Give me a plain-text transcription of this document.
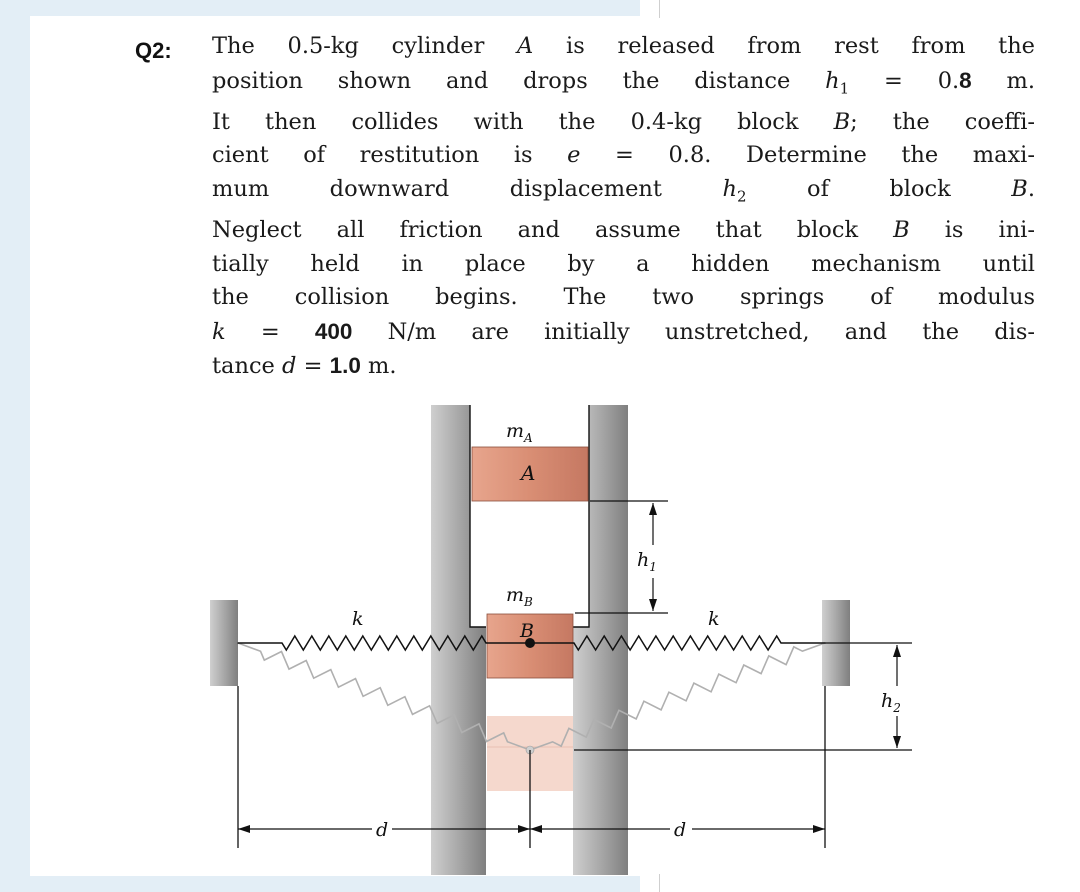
Q2: The 0.5-kg cylinder A is released from rest from the
position shown and drops the distance $h_1 = 0.8$ m.
It then collides with the 0.4-kg block B; the coeffi-
cient of restitution is e = 0.8. Determine the maxi-
mum downward displacement $h_2$ of block B.
Neglect all friction and assume that block B is ini-
tially held in place by a hidden mechanism until
the collision begins. The two springs of modulus
k = 400 N/m are initially unstretched, and the dis-
tance d = 1.0 m.
$m_A$
A
$m_B$
B
$h_1$
$h_2$
k	k
d	d
